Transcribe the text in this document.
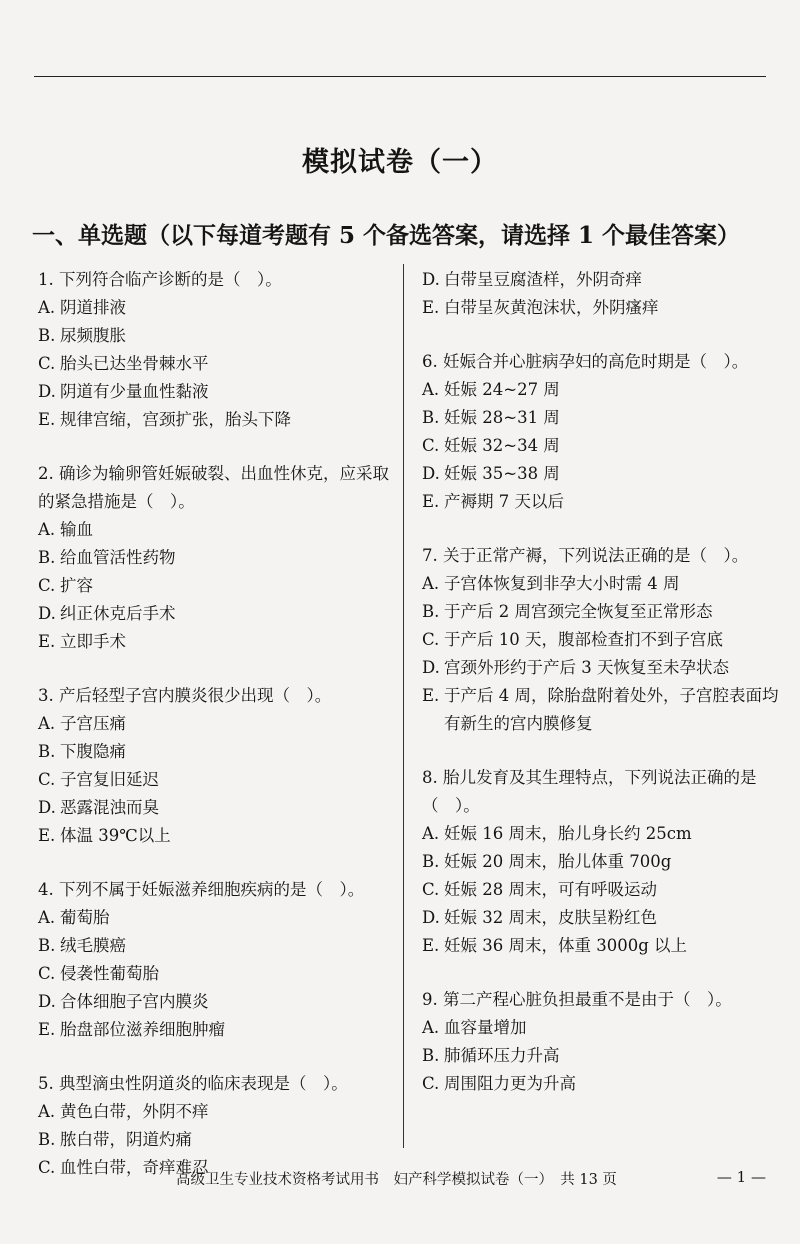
模拟试卷（一）
一、单选题（以下每道考题有 5 个备选答案，请选择 1 个最佳答案）
1. 下列符合临产诊断的是（　）。
A. 阴道排液
B. 尿频腹胀
C. 胎头已达坐骨棘水平
D. 阴道有少量血性黏液
E. 规律宫缩，宫颈扩张，胎头下降
2. 确诊为输卵管妊娠破裂、出血性休克，应采取的紧急措施是（　）。
A. 输血
B. 给血管活性药物
C. 扩容
D. 纠正休克后手术
E. 立即手术
3. 产后轻型子宫内膜炎很少出现（　）。
A. 子宫压痛
B. 下腹隐痛
C. 子宫复旧延迟
D. 恶露混浊而臭
E. 体温 39℃以上
4. 下列不属于妊娠滋养细胞疾病的是（　）。
A. 葡萄胎
B. 绒毛膜癌
C. 侵袭性葡萄胎
D. 合体细胞子宫内膜炎
E. 胎盘部位滋养细胞肿瘤
5. 典型滴虫性阴道炎的临床表现是（　）。
A. 黄色白带，外阴不痒
B. 脓白带，阴道灼痛
C. 血性白带，奇痒难忍
D. 白带呈豆腐渣样，外阴奇痒
E. 白带呈灰黄泡沫状，外阴瘙痒
6. 妊娠合并心脏病孕妇的高危时期是（　）。
A. 妊娠 24~27 周
B. 妊娠 28~31 周
C. 妊娠 32~34 周
D. 妊娠 35~38 周
E. 产褥期 7 天以后
7. 关于正常产褥，下列说法正确的是（　）。
A. 子宫体恢复到非孕大小时需 4 周
B. 于产后 2 周宫颈完全恢复至正常形态
C. 于产后 10 天，腹部检查扪不到子宫底
D. 宫颈外形约于产后 3 天恢复至未孕状态
E. 于产后 4 周，除胎盘附着处外，子宫腔表面均有新生的宫内膜修复
8. 胎儿发育及其生理特点，下列说法正确的是（　）。
A. 妊娠 16 周末，胎儿身长约 25cm
B. 妊娠 20 周末，胎儿体重 700g
C. 妊娠 28 周末，可有呼吸运动
D. 妊娠 32 周末，皮肤呈粉红色
E. 妊娠 36 周末，体重 3000g 以上
9. 第二产程心脏负担最重不是由于（　）。
A. 血容量增加
B. 肺循环压力升高
C. 周围阻力更为升高
高级卫生专业技术资格考试用书　妇产科学模拟试卷（一）　共 13 页	— 1 —
